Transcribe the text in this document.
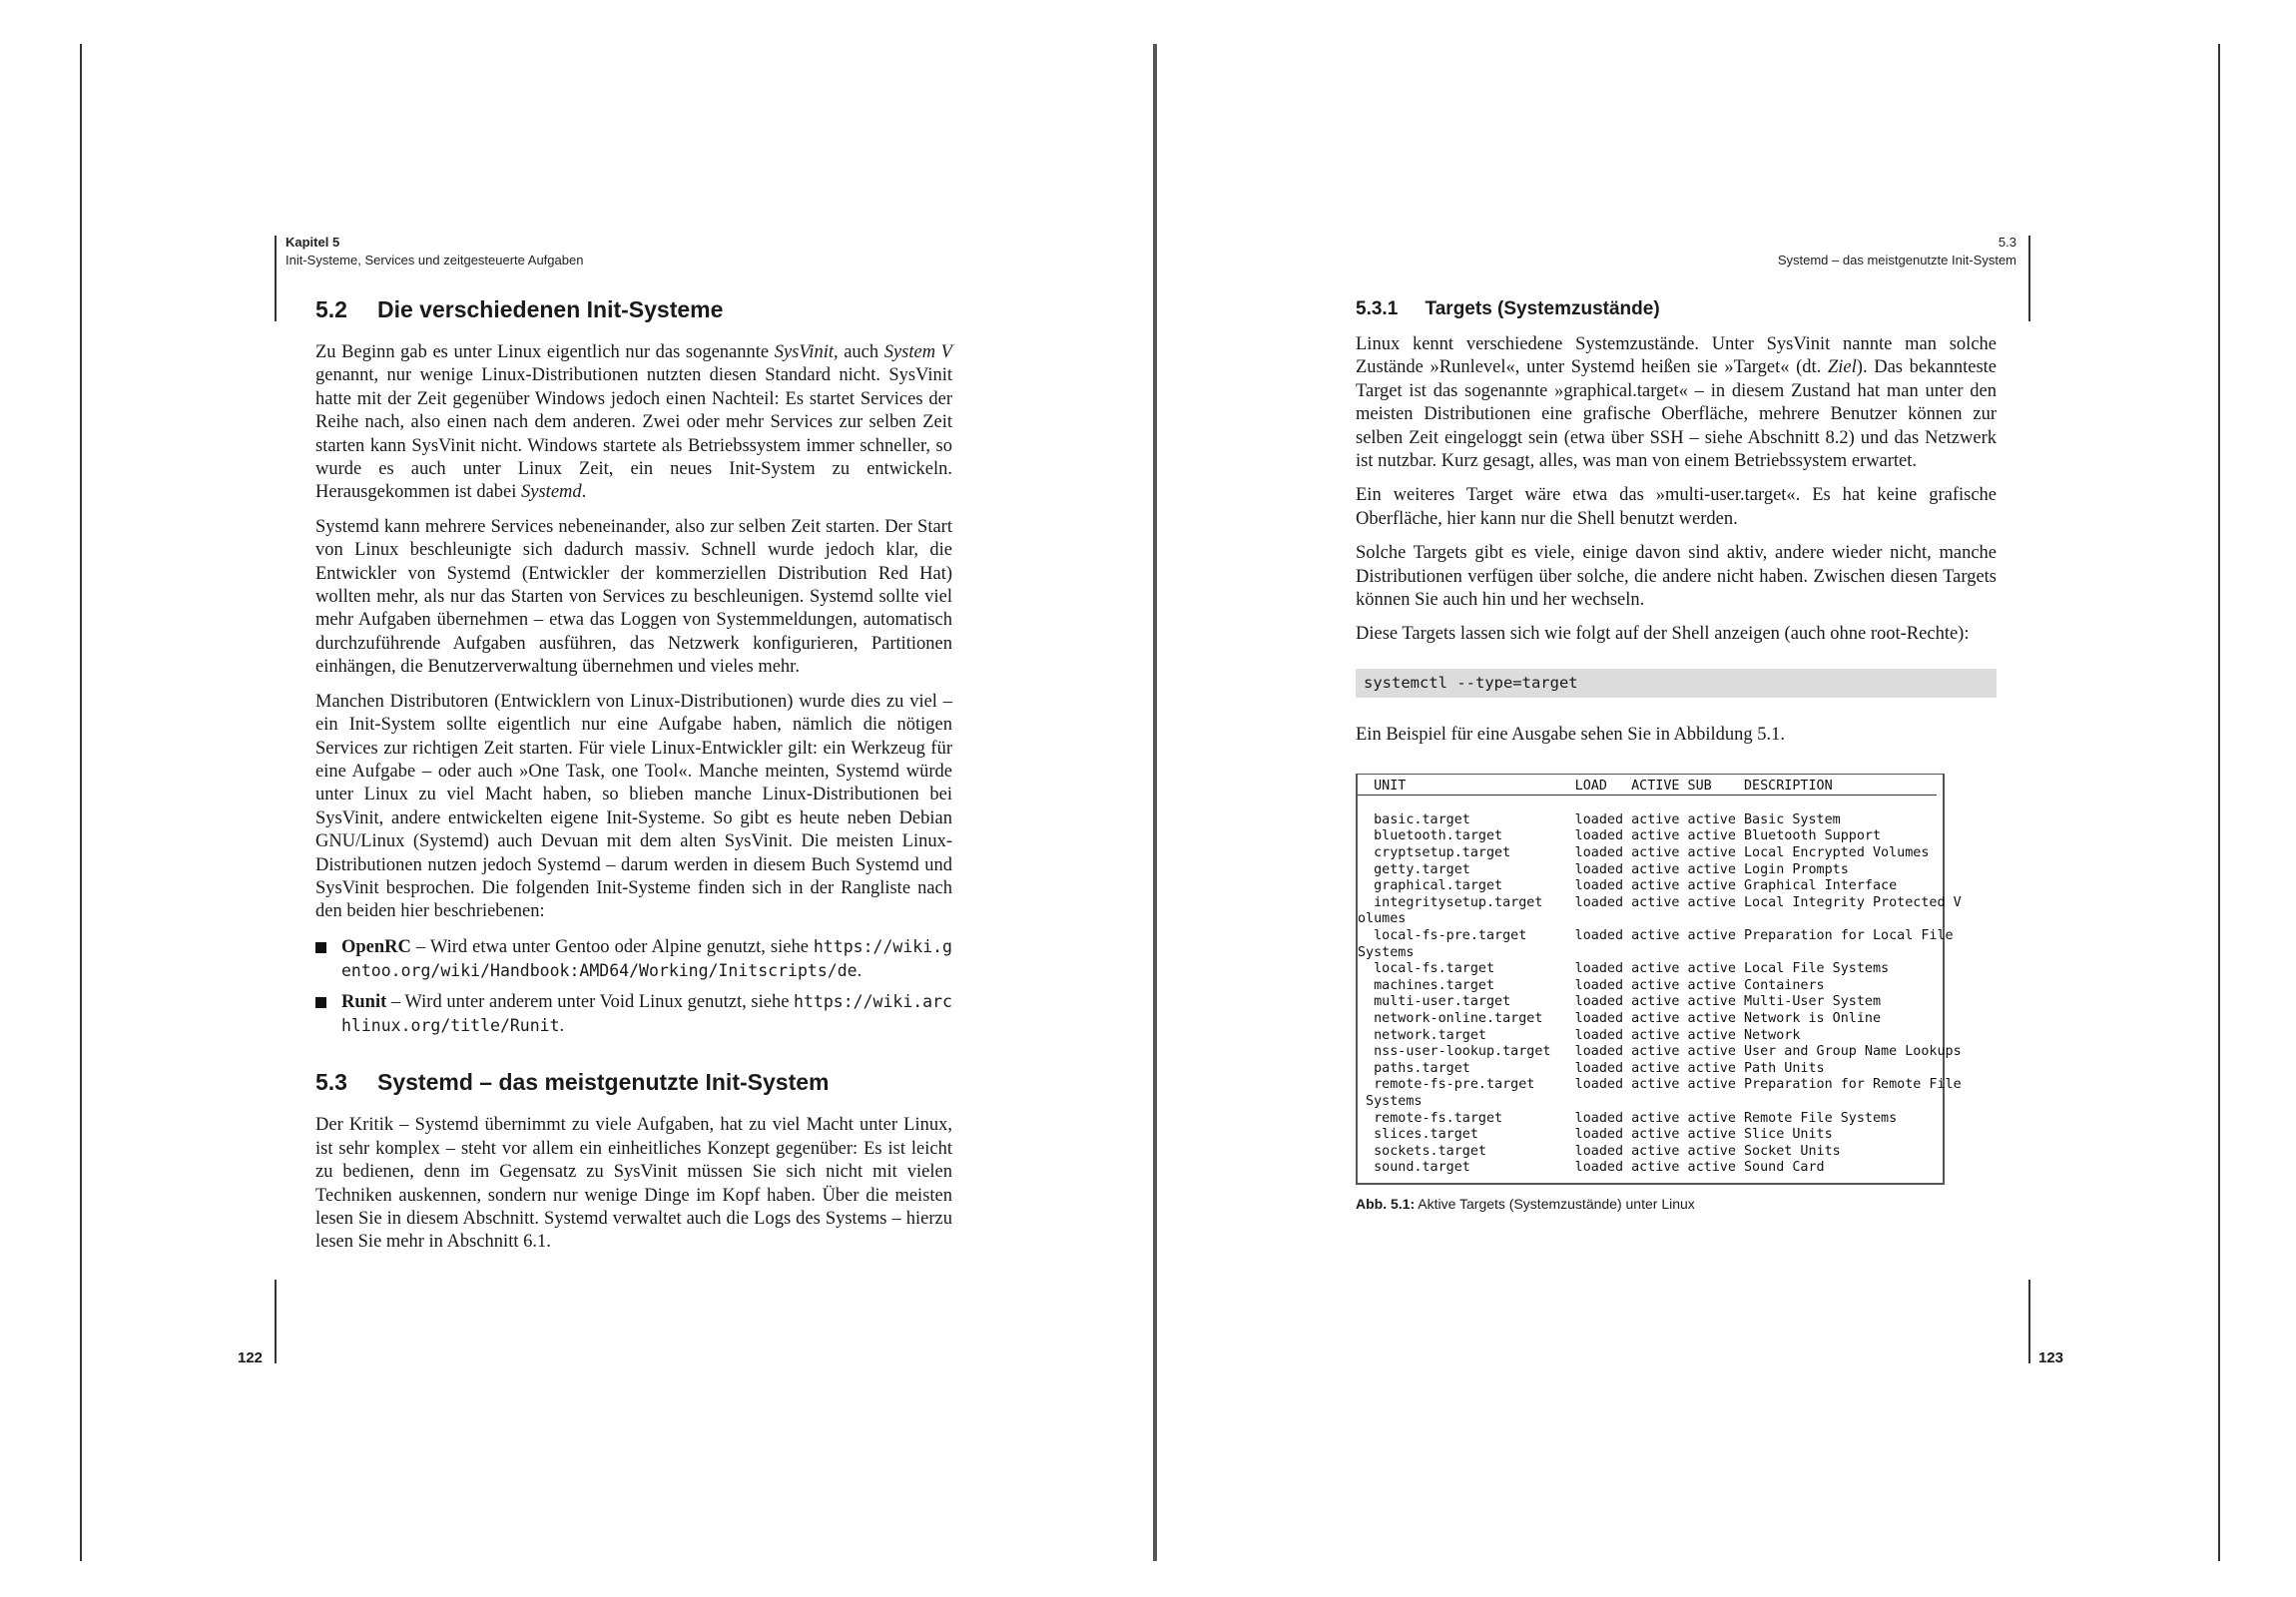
Kapitel 5
Init-Systeme, Services und zeitgesteuerte Aufgaben
5.3
Systemd – das meistgenutzte Init-System
5.2 Die verschiedenen Init-Systeme

Zu Beginn gab es unter Linux eigentlich nur das sogenannte SysVinit, auch System V genannt, nur wenige Linux-Distributionen nutzten diesen Standard nicht. SysVinit hatte mit der Zeit gegenüber Windows jedoch einen Nachteil: Es startet Services der Reihe nach, also einen nach dem anderen. Zwei oder mehr Services zur selben Zeit starten kann SysVinit nicht. Windows startete als Betriebssystem immer schneller, so wurde es auch unter Linux Zeit, ein neues Init-System zu entwickeln. Herausgekommen ist dabei Systemd.

Systemd kann mehrere Services nebeneinander, also zur selben Zeit starten. Der Start von Linux beschleunigte sich dadurch massiv. Schnell wurde jedoch klar, die Entwickler von Systemd (Entwickler der kommerziellen Distribution Red Hat) wollten mehr, als nur das Starten von Services zu beschleunigen. Systemd sollte viel mehr Aufgaben übernehmen – etwa das Loggen von Systemmeldungen, automatisch durchzuführende Aufgaben ausführen, das Netzwerk konfigurieren, Partitionen einhängen, die Benutzerverwaltung übernehmen und vieles mehr.

Manchen Distributoren (Entwicklern von Linux-Distributionen) wurde dies zu viel – ein Init-System sollte eigentlich nur eine Aufgabe haben, nämlich die nötigen Services zur richtigen Zeit starten. Für viele Linux-Entwickler gilt: ein Werkzeug für eine Aufgabe – oder auch »One Task, one Tool«. Manche meinten, Systemd würde unter Linux zu viel Macht haben, so blieben manche Linux-Distributionen bei SysVinit, andere entwickelten eigene Init-Systeme. So gibt es heute neben Debian GNU/Linux (Systemd) auch Devuan mit dem alten SysVinit. Die meisten Linux-Distributionen nutzen jedoch Systemd – darum werden in diesem Buch Systemd und SysVinit besprochen. Die folgenden Init-Systeme finden sich in der Rangliste nach den beiden hier beschriebenen:

OpenRC – Wird etwa unter Gentoo oder Alpine genutzt, siehe https://wiki.gentoo.org/wiki/Handbook:AMD64/Working/Initscripts/de.
Runit – Wird unter anderem unter Void Linux genutzt, siehe https://wiki.archlinux.org/title/Runit.
5.3 Systemd – das meistgenutzte Init-System

Der Kritik – Systemd übernimmt zu viele Aufgaben, hat zu viel Macht unter Linux, ist sehr komplex – steht vor allem ein einheitliches Konzept gegenüber: Es ist leicht zu bedienen, denn im Gegensatz zu SysVinit müssen Sie sich nicht mit vielen Techniken auskennen, sondern nur wenige Dinge im Kopf haben. Über die meisten lesen Sie in diesem Abschnitt. Systemd verwaltet auch die Logs des Systems – hierzu lesen Sie mehr in Abschnitt 6.1.

5.3.1 Targets (Systemzustände)

Linux kennt verschiedene Systemzustände. Unter SysVinit nannte man solche Zustände »Runlevel«, unter Systemd heißen sie »Target« (dt. Ziel). Das bekannteste Target ist das sogenannte »graphical.target« – in diesem Zustand hat man unter den meisten Distributionen eine grafische Oberfläche, mehrere Benutzer können zur selben Zeit eingeloggt sein (etwa über SSH – siehe Abschnitt 8.2) und das Netzwerk ist nutzbar. Kurz gesagt, alles, was man von einem Betriebssystem erwartet.

Ein weiteres Target wäre etwa das »multi-user.target«. Es hat keine grafische Oberfläche, hier kann nur die Shell benutzt werden.

Solche Targets gibt es viele, einige davon sind aktiv, andere wieder nicht, manche Distributionen verfügen über solche, die andere nicht haben. Zwischen diesen Targets können Sie auch hin und her wechseln.

Diese Targets lassen sich wie folgt auf der Shell anzeigen (auch ohne root-Rechte):

systemctl --type=target

Ein Beispiel für eine Ausgabe sehen Sie in Abbildung 5.1.

UNIT                     LOAD   ACTIVE SUB    DESCRIPTION

basic.target             loaded active active Basic System
bluetooth.target         loaded active active Bluetooth Support
cryptsetup.target        loaded active active Local Encrypted Volumes
getty.target             loaded active active Login Prompts
graphical.target         loaded active active Graphical Interface
integritysetup.target    loaded active active Local Integrity Protected V
olumes
local-fs-pre.target      loaded active active Preparation for Local File
Systems
local-fs.target          loaded active active Local File Systems
machines.target          loaded active active Containers
multi-user.target        loaded active active Multi-User System
network-online.target    loaded active active Network is Online
network.target           loaded active active Network
nss-user-lookup.target   loaded active active User and Group Name Lookups
paths.target             loaded active active Path Units
remote-fs-pre.target     loaded active active Preparation for Remote File
Systems
remote-fs.target         loaded active active Remote File Systems
slices.target            loaded active active Slice Units
sockets.target           loaded active active Socket Units
sound.target             loaded active active Sound Card

Abb. 5.1: Aktive Targets (Systemzustände) unter Linux
122	123
